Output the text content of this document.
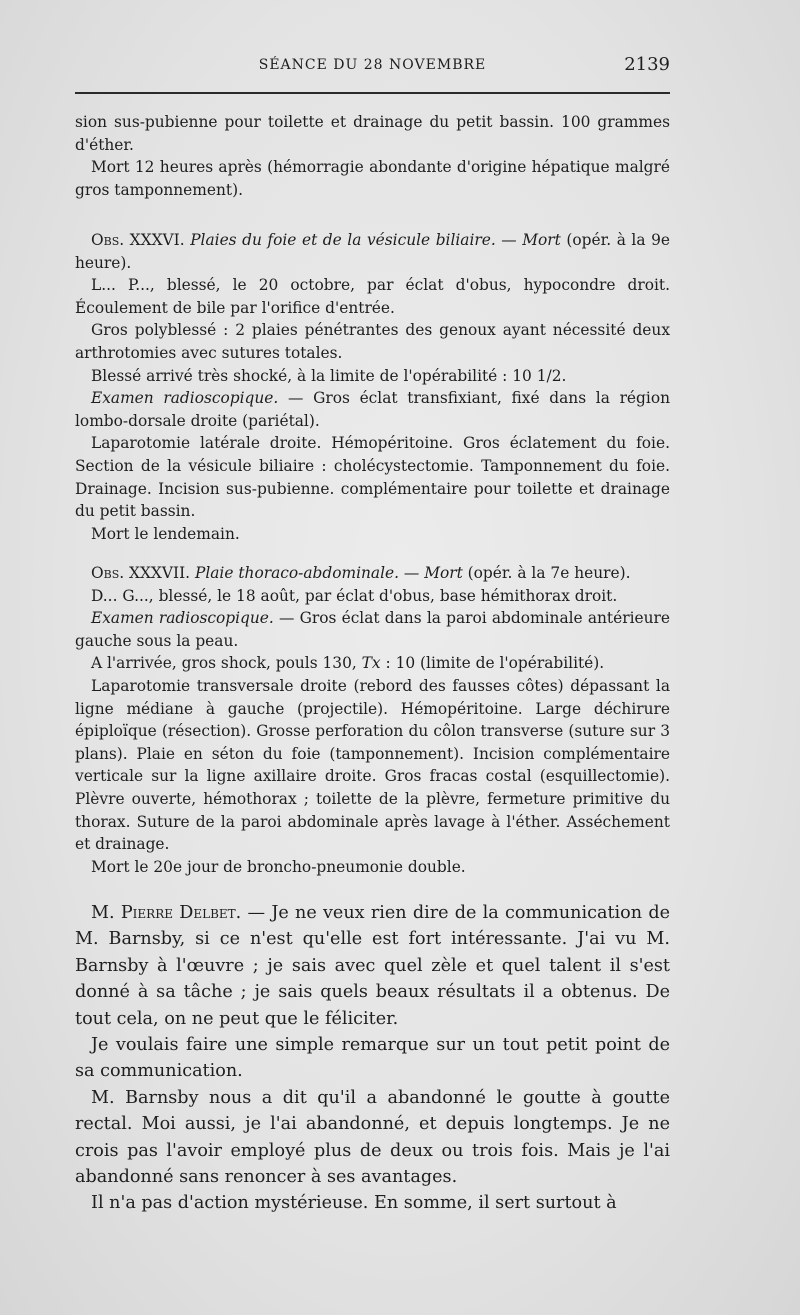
SÉANCE DU 28 NOVEMBRE	2139

sion sus-pubienne pour toilette et drainage du petit bassin. 100 grammes d'éther.

Mort 12 heures après (hémorragie abondante d'origine hépatique malgré gros tamponnement).

Obs. XXXVI. Plaies du foie et de la vésicule biliaire. — Mort (opér. à la 9e heure).

L... P..., blessé, le 20 octobre, par éclat d'obus, hypocondre droit. Écoulement de bile par l'orifice d'entrée.

Gros polyblessé : 2 plaies pénétrantes des genoux ayant nécessité deux arthrotomies avec sutures totales.

Blessé arrivé très shocké, à la limite de l'opérabilité : 10 1/2.

Examen radioscopique. — Gros éclat transfixiant, fixé dans la région lombo-dorsale droite (pariétal).

Laparotomie latérale droite. Hémopéritoine. Gros éclatement du foie. Section de la vésicule biliaire : cholécystectomie. Tamponnement du foie. Drainage. Incision sus-pubienne. complémentaire pour toilette et drainage du petit bassin.

Mort le lendemain.

Obs. XXXVII. Plaie thoraco-abdominale. — Mort (opér. à la 7e heure).

D... G..., blessé, le 18 août, par éclat d'obus, base hémithorax droit.

Examen radioscopique. — Gros éclat dans la paroi abdominale antérieure gauche sous la peau.

A l'arrivée, gros shock, pouls 130, Tx : 10 (limite de l'opérabilité).

Laparotomie transversale droite (rebord des fausses côtes) dépassant la ligne médiane à gauche (projectile). Hémopéritoine. Large déchirure épiploïque (résection). Grosse perforation du côlon transverse (suture sur 3 plans). Plaie en séton du foie (tamponnement). Incision complémentaire verticale sur la ligne axillaire droite. Gros fracas costal (esquillectomie). Plèvre ouverte, hémothorax ; toilette de la plèvre, fermeture primitive du thorax. Suture de la paroi abdominale après lavage à l'éther. Asséchement et drainage.

Mort le 20e jour de broncho-pneumonie double.

M. Pierre Delbet. — Je ne veux rien dire de la communication de M. Barnsby, si ce n'est qu'elle est fort intéressante. J'ai vu M. Barnsby à l'œuvre ; je sais avec quel zèle et quel talent il s'est donné à sa tâche ; je sais quels beaux résultats il a obtenus. De tout cela, on ne peut que le féliciter.

Je voulais faire une simple remarque sur un tout petit point de sa communication.

M. Barnsby nous a dit qu'il a abandonné le goutte à goutte rectal. Moi aussi, je l'ai abandonné, et depuis longtemps. Je ne crois pas l'avoir employé plus de deux ou trois fois. Mais je l'ai abandonné sans renoncer à ses avantages.

Il n'a pas d'action mystérieuse. En somme, il sert surtout à
